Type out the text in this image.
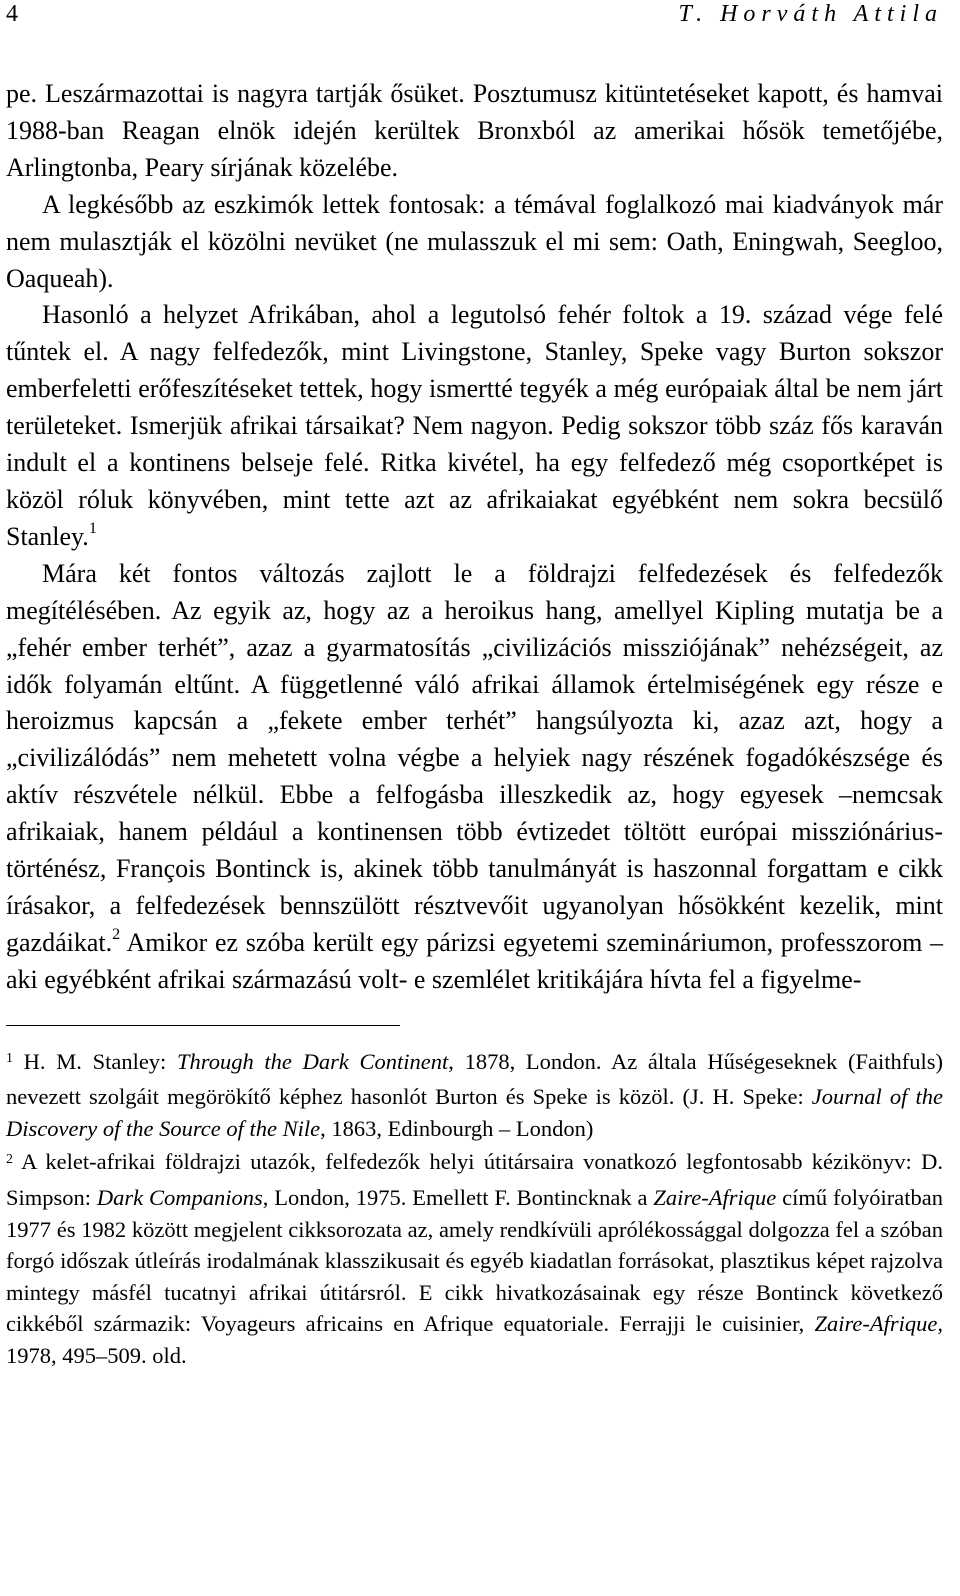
4	T. Horváth Attila

pe. Leszármazottai is nagyra tartják ősüket. Posztumusz kitüntetéseket kapott, és hamvai 1988-ban Reagan elnök idején kerültek Bronxból az amerikai hősök temetőjébe, Arlingtonba, Peary sírjának közelébe.

A legkésőbb az eszkimók lettek fontosak: a témával foglalkozó mai kiadványok már nem mulasztják el közölni nevüket (ne mulasszuk el mi sem: Oath, Eningwah, Seegloo, Oaqueah).

Hasonló a helyzet Afrikában, ahol a legutolsó fehér foltok a 19. század vége felé tűntek el. A nagy felfedezők, mint Livingstone, Stanley, Speke vagy Burton sokszor emberfeletti erőfeszítéseket tettek, hogy ismertté tegyék a még európaiak által be nem járt területeket. Ismerjük afrikai társaikat? Nem nagyon. Pedig sokszor több száz fős karaván indult el a kontinens belseje felé. Ritka kivétel, ha egy felfedező még csoportképet is közöl róluk könyvében, mint tette azt az afrikaiakat egyébként nem sokra becsülő Stanley.$^1$

Mára két fontos változás zajlott le a földrajzi felfedezések és felfedezők megítélésében. Az egyik az, hogy az a heroikus hang, amellyel Kipling mutatja be a „fehér ember terhét”, azaz a gyarmatosítás „civilizációs missziójának” nehézségeit, az idők folyamán eltűnt. A függetlenné váló afrikai államok értelmiségének egy része e heroizmus kapcsán a „fekete ember terhét” hangsúlyozta ki, azaz azt, hogy a „civilizálódás” nem mehetett volna végbe a helyiek nagy részének fogadókészsége és aktív részvétele nélkül. Ebbe a felfogásba illeszkedik az, hogy egyesek –nemcsak afrikaiak, hanem például a kontinensen több évtizedet töltött európai missziónárius-történész, François Bontinck is, akinek több tanulmányát is haszonnal forgattam e cikk írásakor, a felfedezések bennszülött résztvevőit ugyanolyan hősökként kezelik, mint gazdáikat.$^2$ Amikor ez szóba került egy párizsi egyetemi szemináriumon, professzorom –aki egyébként afrikai származású volt- e szemlélet kritikájára hívta fel a figyelme-

$^1$ H. M. Stanley: Through the Dark Continent, 1878, London. Az általa Hűségeseknek (Faithfuls) nevezett szolgáit megörökítő képhez hasonlót Burton és Speke is közöl. (J. H. Speke: Journal of the Discovery of the Source of the Nile, 1863, Edinbourgh – London)

$^2$ A kelet-afrikai földrajzi utazók, felfedezők helyi útitársaira vonatkozó legfontosabb kézikönyv: D. Simpson: Dark Companions, London, 1975. Emellett F. Bontincknak a Zaire-Afrique című folyóiratban 1977 és 1982 között megjelent cikksorozata az, amely rendkívüli aprólékossággal dolgozza fel a szóban forgó időszak útleírás irodalmának klasszikusait és egyéb kiadatlan forrásokat, plasztikus képet rajzolva mintegy másfél tucatnyi afrikai útitársról. E cikk hivatkozásainak egy része Bontinck következő cikkéből származik: Voyageurs africains en Afrique equatoriale. Ferrajji le cuisinier, Zaire-Afrique, 1978, 495–509. old.
